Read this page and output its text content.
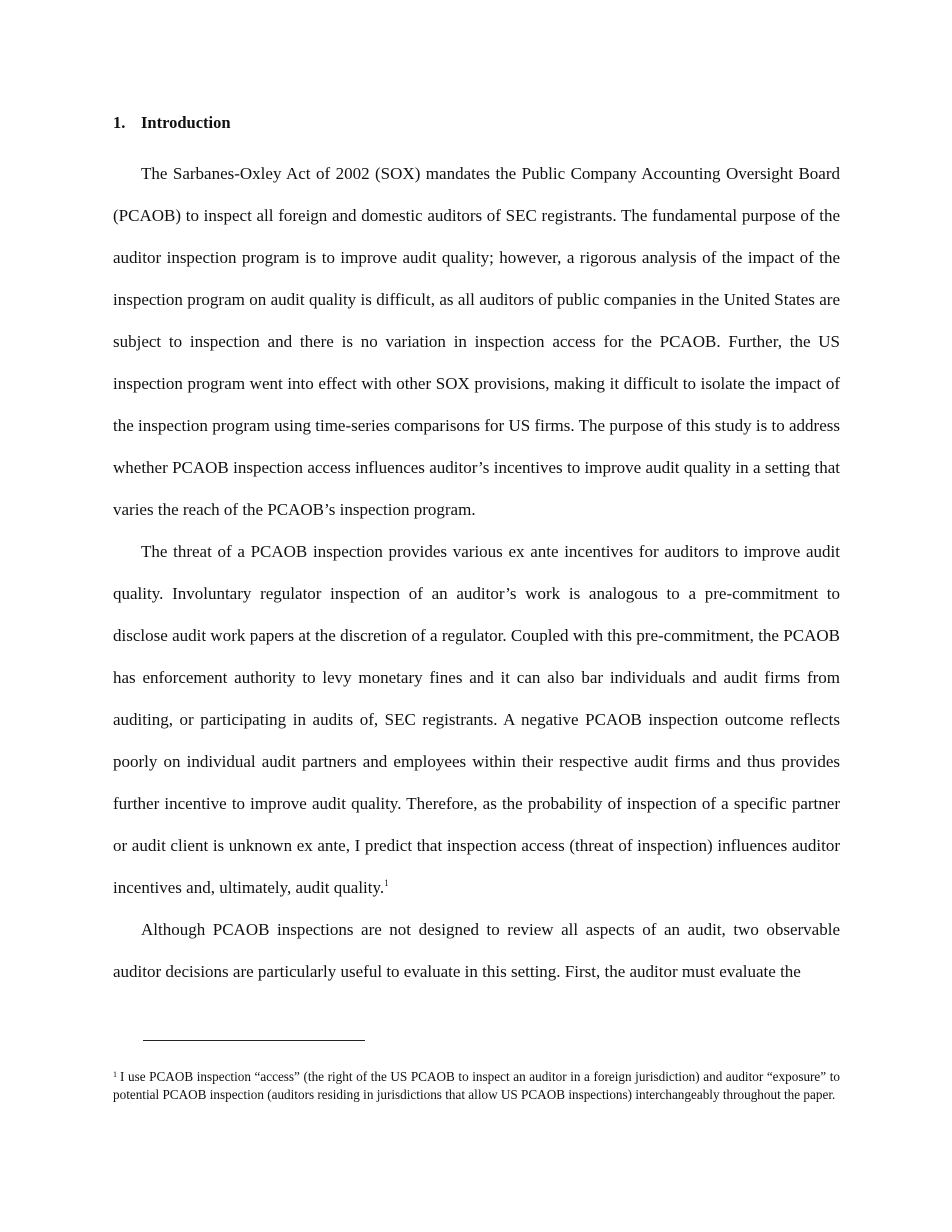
1. Introduction

The Sarbanes-Oxley Act of 2002 (SOX) mandates the Public Company Accounting Oversight Board (PCAOB) to inspect all foreign and domestic auditors of SEC registrants. The fundamental purpose of the auditor inspection program is to improve audit quality; however, a rigorous analysis of the impact of the inspection program on audit quality is difficult, as all auditors of public companies in the United States are subject to inspection and there is no variation in inspection access for the PCAOB. Further, the US inspection program went into effect with other SOX provisions, making it difficult to isolate the impact of the inspection program using time-series comparisons for US firms. The purpose of this study is to address whether PCAOB inspection access influences auditor’s incentives to improve audit quality in a setting that varies the reach of the PCAOB’s inspection program.

The threat of a PCAOB inspection provides various ex ante incentives for auditors to improve audit quality. Involuntary regulator inspection of an auditor’s work is analogous to a pre-commitment to disclose audit work papers at the discretion of a regulator. Coupled with this pre-commitment, the PCAOB has enforcement authority to levy monetary fines and it can also bar individuals and audit firms from auditing, or participating in audits of, SEC registrants. A negative PCAOB inspection outcome reflects poorly on individual audit partners and employees within their respective audit firms and thus provides further incentive to improve audit quality. Therefore, as the probability of inspection of a specific partner or audit client is unknown ex ante, I predict that inspection access (threat of inspection) influences auditor incentives and, ultimately, audit quality.$^1$

Although PCAOB inspections are not designed to review all aspects of an audit, two observable auditor decisions are particularly useful to evaluate in this setting. First, the auditor must evaluate the

$^1$ I use PCAOB inspection “access” (the right of the US PCAOB to inspect an auditor in a foreign jurisdiction) and auditor “exposure” to potential PCAOB inspection (auditors residing in jurisdictions that allow US PCAOB inspections) interchangeably throughout the paper.
